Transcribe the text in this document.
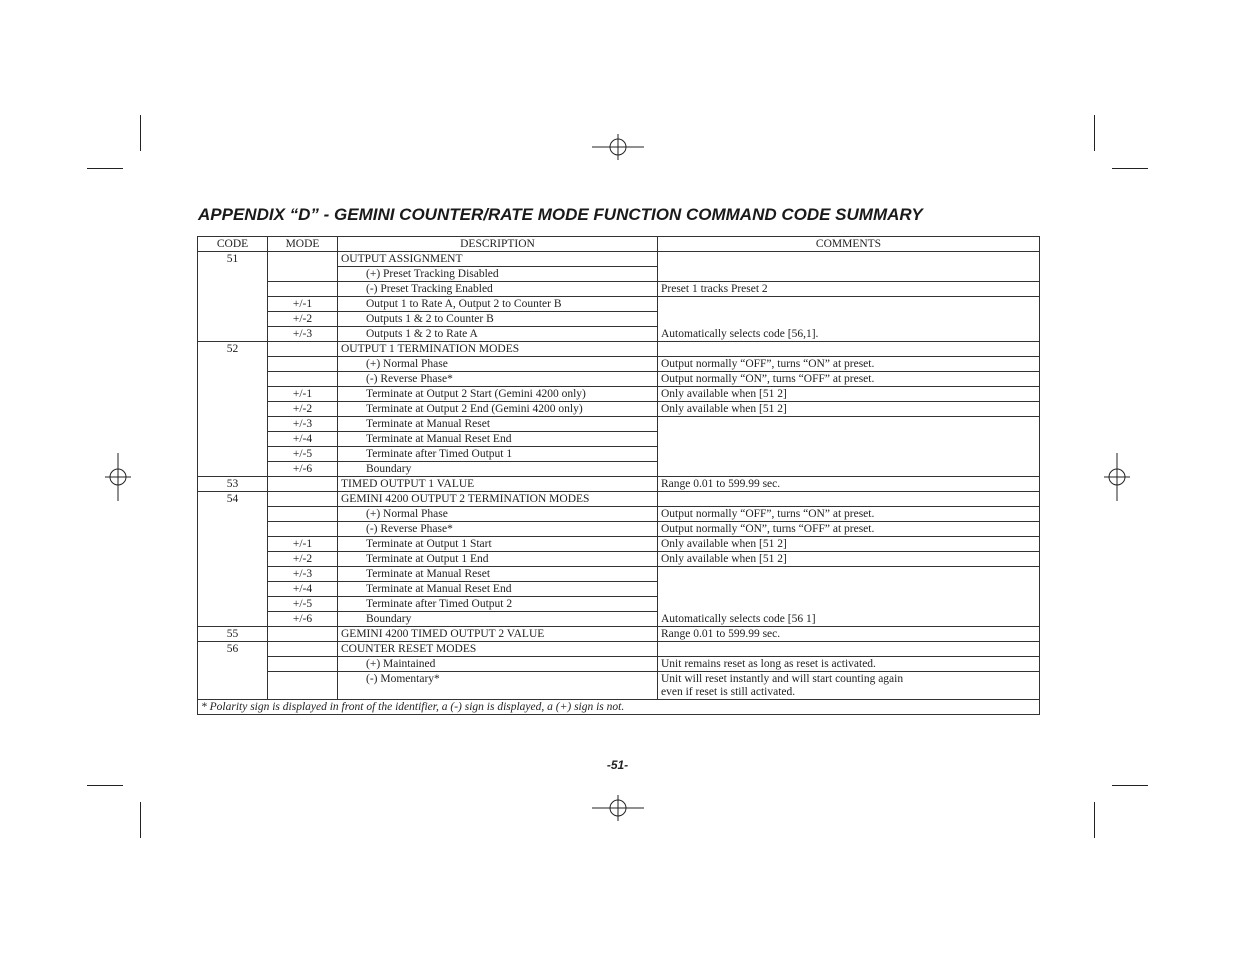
APPENDIX “D” - GEMINI COUNTER/RATE MODE FUNCTION COMMAND CODE SUMMARY
CODE	MODE	DESCRIPTION	COMMENTS
51		OUTPUT ASSIGNMENT	
		(+) Preset Tracking Disabled	
		(-) Preset Tracking Enabled	Preset 1 tracks Preset 2
	+/-1	Output 1 to Rate A, Output 2 to Counter B	Automatically selects code [56,1].
	+/-2	Outputs 1 & 2 to Counter B	
	+/-3	Outputs 1 & 2 to Rate A	
52		OUTPUT 1 TERMINATION MODES	
		(+) Normal Phase	Output normally “OFF”, turns “ON” at preset.
		(-) Reverse Phase*	Output normally “ON”, turns “OFF” at preset.
	+/-1	Terminate at Output 2 Start (Gemini 4200 only)	Only available when [51 2]
	+/-2	Terminate at Output 2 End (Gemini 4200 only)	Only available when [51 2]
	+/-3	Terminate at Manual Reset	
	+/-4	Terminate at Manual Reset End	
	+/-5	Terminate after Timed Output 1	
	+/-6	Boundary	
53		TIMED OUTPUT 1 VALUE	Range 0.01 to 599.99 sec.
54		GEMINI 4200 OUTPUT 2 TERMINATION MODES	
		(+) Normal Phase	Output normally “OFF”, turns “ON” at preset.
		(-) Reverse Phase*	Output normally “ON”, turns “OFF” at preset.
	+/-1	Terminate at Output 1 Start	Only available when [51 2]
	+/-2	Terminate at Output 1 End	Only available when [51 2]
	+/-3	Terminate at Manual Reset	Automatically selects code [56 1]
	+/-4	Terminate at Manual Reset End	
	+/-5	Terminate after Timed Output 2	
	+/-6	Boundary	
55		GEMINI 4200 TIMED OUTPUT 2 VALUE	Range 0.01 to 599.99 sec.
56		COUNTER RESET MODES	
		(+) Maintained	Unit remains reset as long as reset is activated.
		(-) Momentary*	Unit will reset instantly and will start counting again
even if reset is still activated.

* Polarity sign is displayed in front of the identifier, a (-) sign is displayed, a (+) sign is not.			
-51-
